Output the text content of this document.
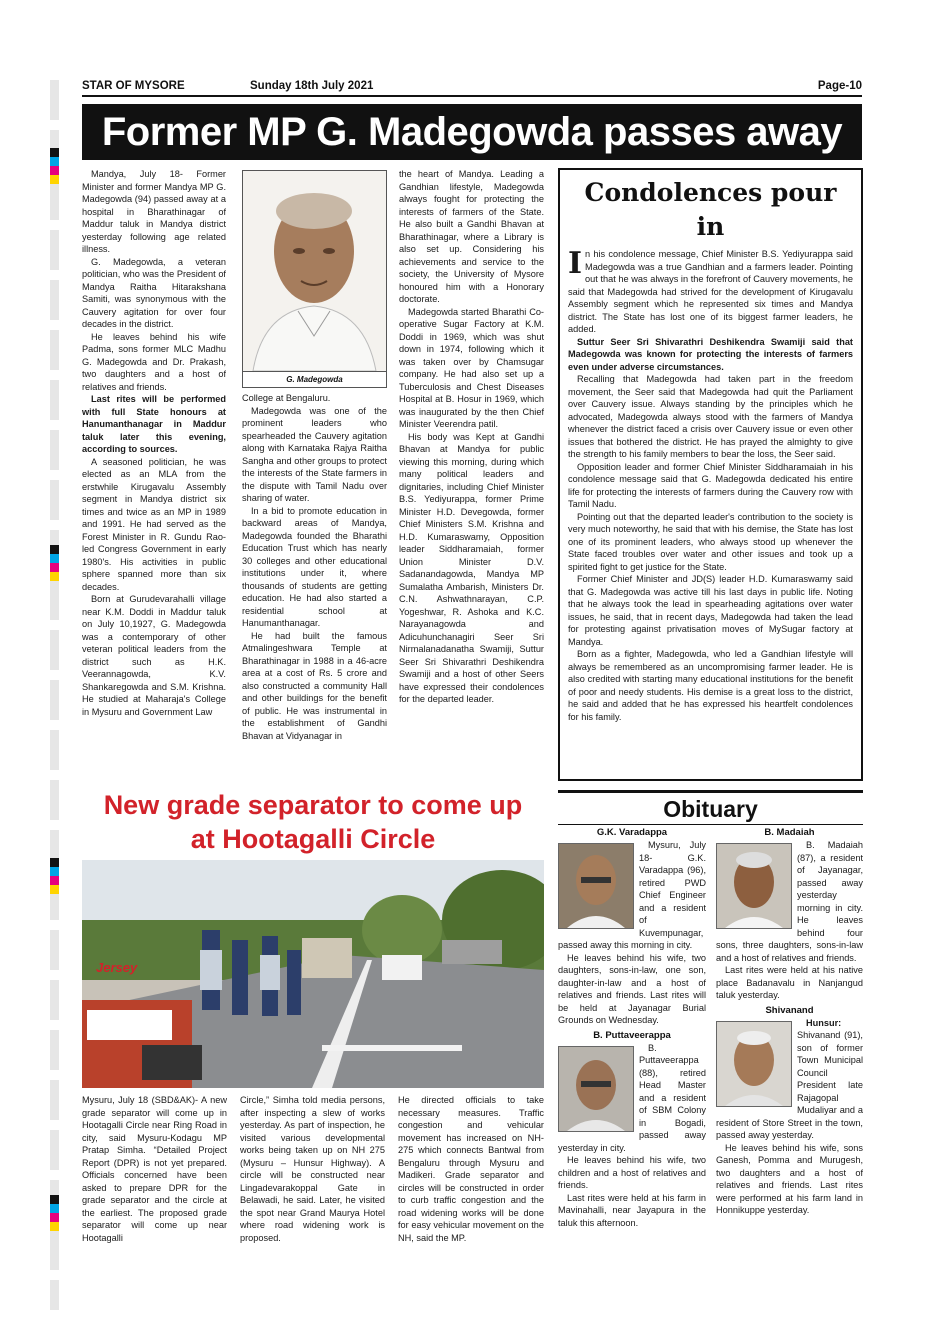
STAR OF MYSORE	Sunday 18th July 2021	Page-10
Former MP G. Madegowda passes away

Mandya, July 18- Former Minister and former Mandya MP G. Madegowda (94) passed away at a hospital in Bharathinagar of Maddur taluk in Mandya district yesterday following age related illness.

G. Madegowda, a veteran politician, who was the President of Mandya Raitha Hitarakshana Samiti, was synonymous with the Cauvery agitation for over four decades in the district.

He leaves behind his wife Padma, sons former MLC Madhu G. Madegowda and Dr. Prakash, two daughters and a host of relatives and friends.

Last rites will be performed with full State honours at Hanumanthanagar in Maddur taluk later this evening, according to sources.

A seasoned politician, he was elected as an MLA from the erstwhile Kirugavalu Assembly segment in Mandya district six times and twice as an MP in 1989 and 1991. He had served as the Forest Minister in R. Gundu Rao-led Congress Government in early 1980's. His activities in public sphere spanned more than six decades.

Born at Gurudevarahalli village near K.M. Doddi in Maddur taluk on July 10,1927, G. Madegowda was a contemporary of other veteran political leaders from the district such as H.K. Veerannagowda, K.V. Shankaregowda and S.M. Krishna. He studied at Maharaja's College in Mysuru and Government Law

G. Madegowda

College at Bengaluru.

Madegowda was one of the prominent leaders who spearheaded the Cauvery agitation along with Karnataka Rajya Raitha Sangha and other groups to protect the interests of the State farmers in the dispute with Tamil Nadu over sharing of water.

In a bid to promote education in backward areas of Mandya, Madegowda founded the Bharathi Education Trust which has nearly 30 colleges and other educational institutions under it, where thousands of students are getting education. He had also started a residential school at Hanumanthanagar.

He had built the famous Atmalingeshwara Temple at Bharathinagar in 1988 in a 46-acre area at a cost of Rs. 5 crore and also constructed a community Hall and other buildings for the benefit of public. He was instrumental in the establishment of Gandhi Bhavan at Vidyanagar in

the heart of Mandya. Leading a Gandhian lifestyle, Madegowda always fought for protecting the interests of farmers of the State. He also built a Gandhi Bhavan at Bharathinagar, where a Library is also set up. Considering his achievements and service to the society, the University of Mysore honoured him with a Honorary doctorate.

Madegowda started Bharathi Co-operative Sugar Factory at K.M. Doddi in 1969, which was shut down in 1974, following which it was taken over by Chamsugar company. He had also set up a Tuberculosis and Chest Diseases Hospital at B. Hosur in 1969, which was inaugurated by the then Chief Minister Veerendra patil.

His body was Kept at Gandhi Bhavan at Mandya for public viewing this morning, during which many political leaders and dignitaries, including Chief Minister B.S. Yediyurappa, former Prime Minister H.D. Devegowda, former Chief Ministers S.M. Krishna and H.D. Kumaraswamy, Opposition leader Siddharamaiah, former Union Minister D.V. Sadanandagowda, Mandya MP Sumalatha Ambarish, Ministers Dr. C.N. Ashwathnarayan, C.P. Yogeshwar, R. Ashoka and K.C. Narayanagowda and Adicuhunchanagiri Seer Sri Nirmalanadanatha Swamiji, Suttur Seer Sri Shivarathri Deshikendra Swamiji and a host of other Seers have expressed their condolences for the departed leader.

Condolences pour in
I n his condolence message, Chief Minister B.S. Yediyurappa said Madegowda was a true Gandhian and a farmers leader. Pointing out that he was always in the forefront of Cauvery movements, he said that Madegowda had strived for the development of Kirugavalu Assembly segment which he represented six times and Mandya district. The State has lost one of its biggest farmer leaders, he added.

Suttur Seer Sri Shivarathri Deshikendra Swamiji said that Madegowda was known for protecting the interests of farmers even under adverse circumstances.

Recalling that Madegowda had taken part in the freedom movement, the Seer said that Madegowda had quit the Parliament over Cauvery issue. Always standing by the principles which he advocated, Madegowda always stood with the farmers of Mandya whenever the district faced a crisis over Cauvery issue or even other issues that bothered the district. He has prayed the almighty to give the strength to his family members to bear the loss, the Seer said.

Opposition leader and former Chief Minister Siddharamaiah in his condolence message said that G. Madegowda dedicated his entire life for protecting the interests of farmers during the Cauvery row with Tamil Nadu.

Pointing out that the departed leader's contribution to the society is very much noteworthy, he said that with his demise, the State has lost one of its prominent leaders, who always stood up whenever the State faced troubles over water and other issues and took up a spirited fight to get justice for the State.

Former Chief Minister and JD(S) leader H.D. Kumaraswamy said that G. Madegowda was active till his last days in public life. Noting that he always took the lead in spearheading agitations over water issues, he said, that in recent days, Madegowda had taken the lead for protesting against privatisation moves of MySugar factory at Mandya.

Born as a fighter, Madegowda, who led a Gandhian lifestyle will always be remembered as an uncompromising farmer leader. He is also credited with starting many educational institutions for the benefit of poor and needy students. His demise is a great loss to the district, he said and added that he has expressed his heartfelt condolences for his family.

New grade separator to come up
at Hootagalli Circle
Jersey

Mysuru, July 18 (SBD&AK)- A new grade separator will come up in Hootagalli Circle near Ring Road in city, said Mysuru-Kodagu MP Pratap Simha. “Detailed Project Report (DPR) is not yet prepared. Officials concerned have been asked to prepare DPR for the grade separator and the circle at the earliest. The proposed grade separator will come up near Hootagalli

Circle,” Simha told media persons, after inspecting a slew of works yesterday. As part of inspection, he visited various developmental works being taken up on NH 275 (Mysuru – Hunsur Highway). A circle will be constructed near Lingadevarakoppal Gate in Belawadi, he said. Later, he visited the spot near Grand Maurya Hotel where road widening work is proposed.

He directed officials to take necessary measures. Traffic congestion and vehicular movement has increased on NH-275 which connects Bantwal from Bengaluru through Mysuru and Madikeri. Grade separator and circles will be constructed in order to curb traffic congestion and the road widening works will be done for easy vehicular movement on the NH, said the MP.

Obituary
G.K. Varadappa

Mysuru, July 18- G.K. Varadappa (96), retired PWD Chief Engineer and a resident of Kuvempunagar, passed away this morning in city.

He leaves behind his wife, two daughters, sons-in-law, one son, daughter-in-law and a host of relatives and friends. Last rites will be held at Jayanagar Burial Grounds on Wednesday.

B. Puttaveerappa

B. Puttaveerappa (88), retired Head Master and a resident of SBM Colony in Bogadi, passed away yesterday in city.

He leaves behind his wife, two children and a host of relatives and friends.

Last rites were held at his farm in Mavinahalli, near Jayapura in the taluk this afternoon.

B. Madaiah

B. Madaiah (87), a resident of Jayanagar, passed away yesterday morning in city. He leaves behind four sons, three daughters, sons-in-law and a host of relatives and friends.

Last rites were held at his native place Badanavalu in Nanjangud taluk yesterday.

Shivanand

Hunsur: Shivanand (91), son of former Town Municipal Council President late Rajagopal Mudaliyar and a resident of Store Street in the town, passed away yesterday.

He leaves behind his wife, sons Ganesh, Pomma and Murugesh, two daughters and a host of relatives and friends. Last rites were performed at his farm land in Honnikuppe yesterday.
